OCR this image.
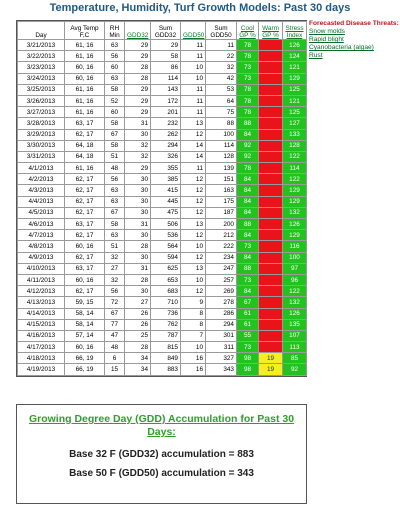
Temperature, Humidity, Turf Growth Models: Past 30 days
Day	Avg Temp F,C	RH Min	GDD32	Sum GDD32	GDD50	Sum GDD50	Cool GP %	Warm GP %	Stress Index
3/21/2013	61, 16	63	29	29	11	11	78		126
3/22/2013	61, 16	56	29	58	11	22	78		124
3/23/2013	60, 16	60	28	86	10	32	73		121
3/24/2013	60, 16	63	28	114	10	42	73		129
3/25/2013	61, 16	58	29	143	11	53	78		125
3/26/2013	61, 16	52	29	172	11	64	78		121
3/27/2013	61, 16	60	29	201	11	75	78		125
3/28/2013	63, 17	58	31	232	13	88	88		127
3/29/2013	62, 17	67	30	262	12	100	84		133
3/30/2013	64, 18	58	32	294	14	114	92		128
3/31/2013	64, 18	51	32	326	14	128	92		122
4/1/2013	61, 16	48	29	355	11	139	78		114
4/2/2013	62, 17	56	30	385	12	151	84		122
4/3/2013	62, 17	63	30	415	12	163	84		129
4/4/2013	62, 17	63	30	445	12	175	84		129
4/5/2013	62, 17	67	30	475	12	187	84		132
4/6/2013	63, 17	58	31	506	13	200	88		126
4/7/2013	62, 17	63	30	536	12	212	84		129
4/8/2013	60, 16	51	28	564	10	222	73		116
4/9/2013	62, 17	32	30	594	12	234	84		100
4/10/2013	63, 17	27	31	625	13	247	88		97
4/11/2013	60, 16	32	28	653	10	257	73		96
4/12/2013	62, 17	56	30	683	12	269	84		122
4/13/2013	59, 15	72	27	710	9	278	67		132
4/14/2013	58, 14	67	26	736	8	286	61		126
4/15/2013	58, 14	77	26	762	8	294	61		135
4/16/2013	57, 14	47	25	787	7	301	55		107
4/17/2013	60, 16	48	28	815	10	311	73		113
4/18/2013	66, 19	6	34	849	16	327	98	19	85
4/19/2013	66, 19	15	34	883	16	343	98	19	92
Forecasted Disease Threats:
Snow molds
Rapid blight
Cyanobacteria (algae)
Rust
Growing Degree Day (GDD) Accumulation for Past 30 Days:
Base 32 F (GDD32) accumulation = 883
Base 50 F (GDD50) accumulation = 343
